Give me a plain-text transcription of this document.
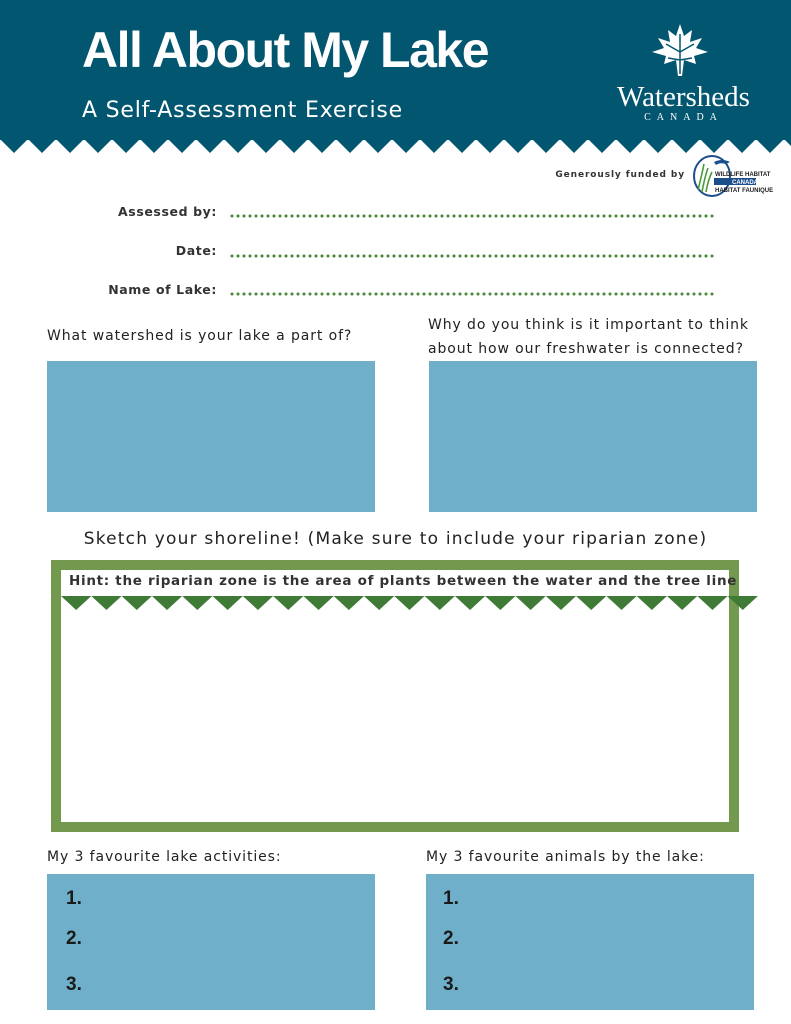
All About My Lake
A Self-Assessment Exercise	Watersheds
CANADA
Generously funded by	WILDLIFE HABITAT
CANADA
HABITAT FAUNIQUE
Assessed by:
Date:
Name of Lake:
What watershed is your lake a part of?
Why do you think is it important to think
about how our freshwater is connected?
Sketch your shoreline! (Make sure to include your riparian zone)
Hint: the riparian zone is the area of plants between the water and the tree line
My 3 favourite lake activities:	My 3 favourite animals by the lake:
1.
2.
3.
1.
2.
3.
